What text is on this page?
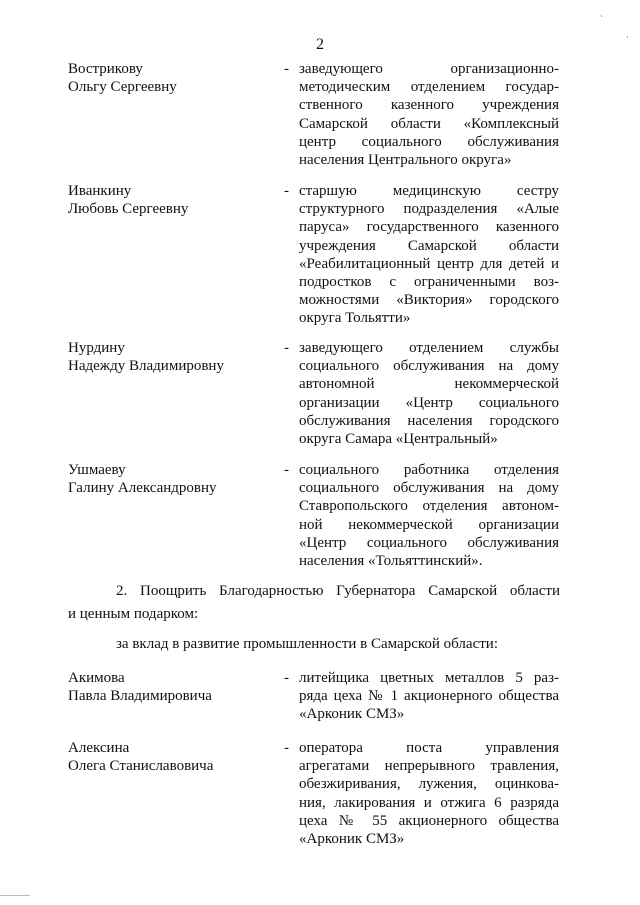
ˋ
·
2
Вострикову
Ольгу Сергеевну
- заведующего организационно-
методическим отделением государ-
ственного казенного учреждения
Самарской области «Комплексный
центр социального обслуживания
населения Центрального округа»
Иванкину
Любовь Сергеевну
- старшую медицинскую сестру
структурного подразделения «Алые
паруса» государственного казенного
учреждения Самарской области
«Реабилитационный центр для детей и
подростков с ограниченными воз-
можностями «Виктория» городского
округа Тольятти»
Нурдину
Надежду Владимировну
- заведующего отделением службы
социального обслуживания на дому
автономной некоммерческой
организации «Центр социального
обслуживания населения городского
округа Самара «Центральный»
Ушмаеву
Галину Александровну
- социального работника отделения
социального обслуживания на дому
Ставропольского отделения автоном-
ной некоммерческой организации
«Центр социального обслуживания
населения «Тольяттинский».
2. Поощрить Благодарностью Губернатора Самарской области
и ценным подарком:
за вклад в развитие промышленности в Самарской области:
Акимова
Павла Владимировича
- литейщика цветных металлов 5 раз-
ряда цеха № 1 акционерного общества
«Арконик СМЗ»
Алексина
Олега Станиславовича
- оператора поста управления
агрегатами непрерывного травления,
обезжиривания, лужения, оцинкова-
ния, лакирования и отжига 6 разряда
цеха № 55 акционерного общества
«Арконик СМЗ»
